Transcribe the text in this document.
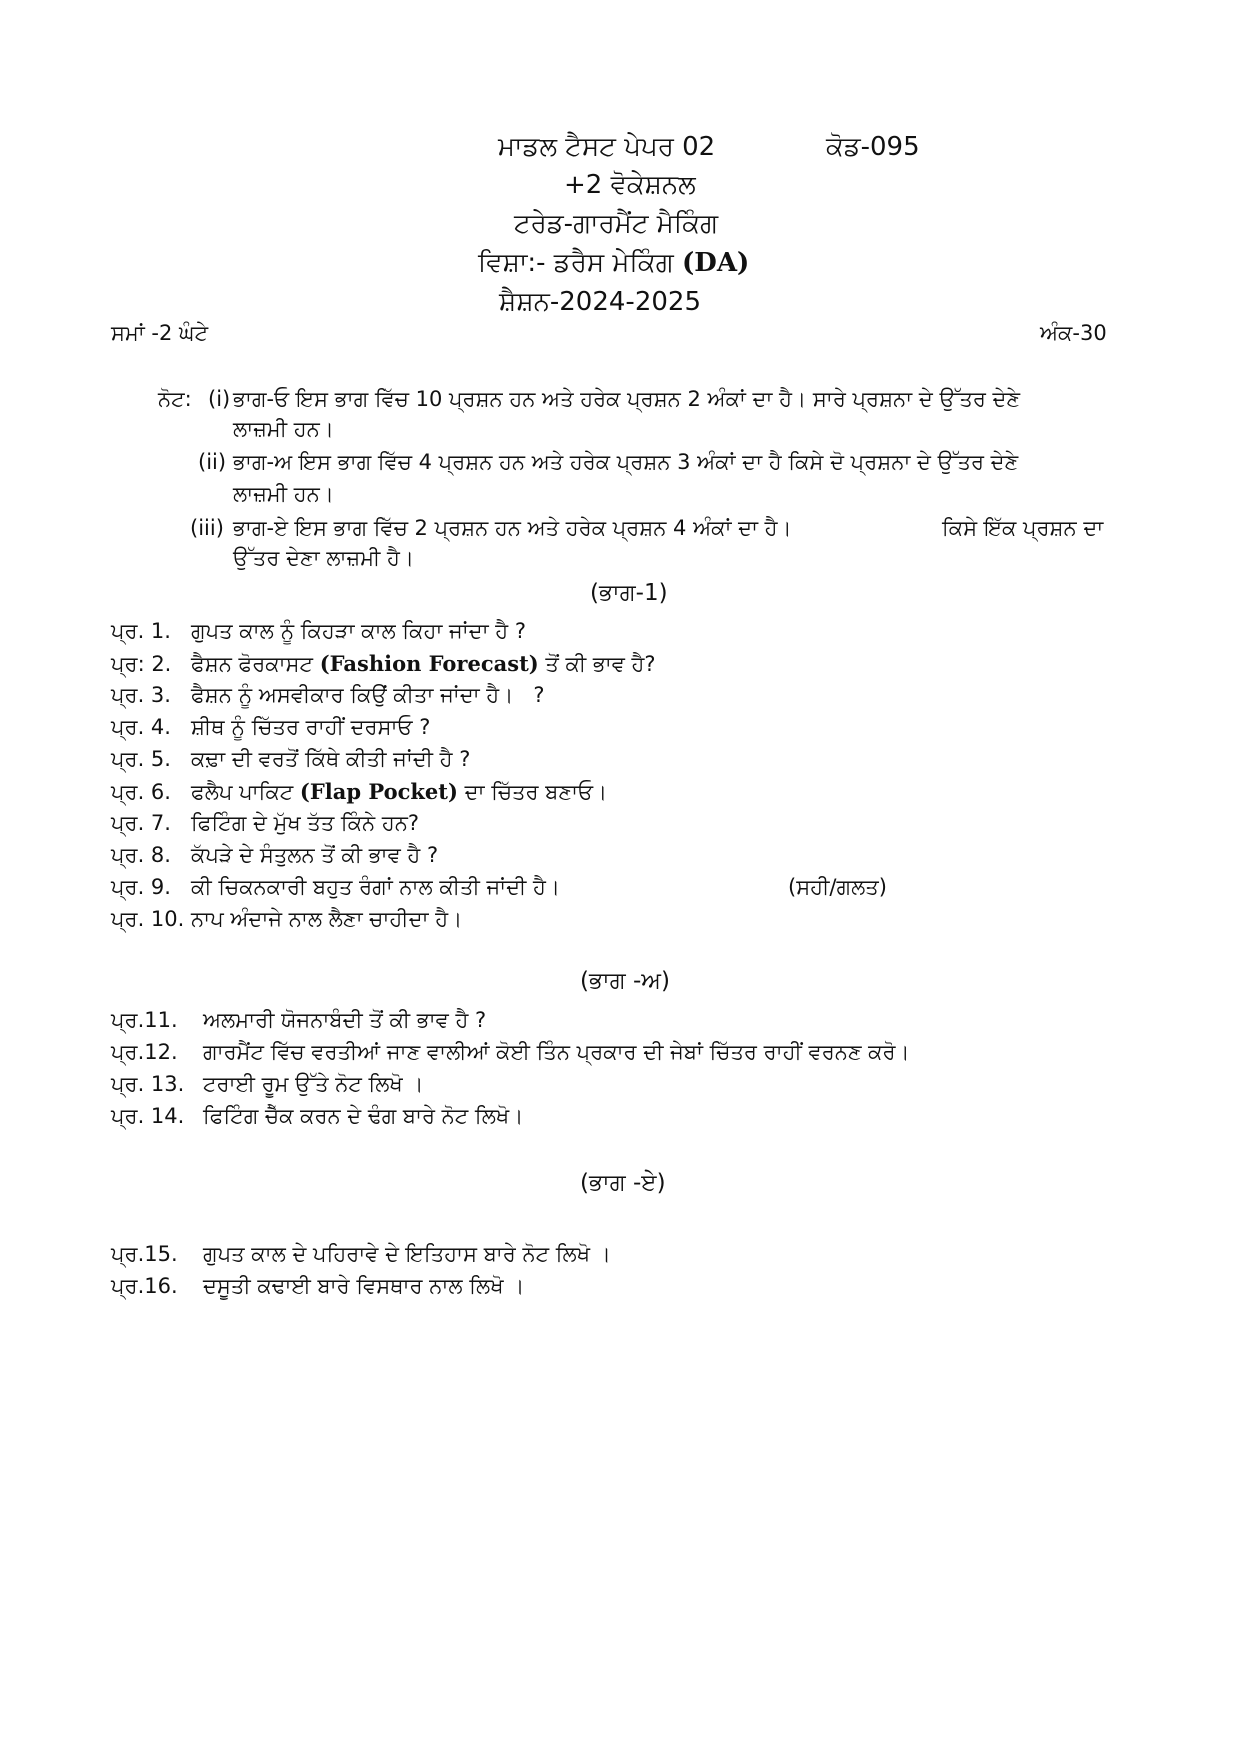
ਮਾਡਲ ਟੈਸਟ ਪੇਪਰ 02	ਕੋਡ-095
+2 ਵੋਕੇਸ਼ਨਲ
ਟਰੇਡ-ਗਾਰਮੈਂਟ ਮੈਕਿੰਗ
ਵਿਸ਼ਾ:- ਡਰੈਸ ਮੇਕਿੰਗ (DA)
ਸ਼ੈਸ਼ਨ-2024-2025
ਸਮਾਂ -2 ਘੰਟੇ	ਅੰਕ-30
ਨੋਟ: (i) ਭਾਗ-ਓ ਇਸ ਭਾਗ ਵਿੱਚ 10 ਪ੍ਰਸ਼ਨ ਹਨ ਅਤੇ ਹਰੇਕ ਪ੍ਰਸ਼ਨ 2 ਅੰਕਾਂ ਦਾ ਹੈ। ਸਾਰੇ ਪ੍ਰਸ਼ਨਾ ਦੇ ਉੱਤਰ ਦੇਣੇ
ਲਾਜ਼ਮੀ ਹਨ।
(ii) ਭਾਗ-ਅ ਇਸ ਭਾਗ ਵਿੱਚ 4 ਪ੍ਰਸ਼ਨ ਹਨ ਅਤੇ ਹਰੇਕ ਪ੍ਰਸ਼ਨ 3 ਅੰਕਾਂ ਦਾ ਹੈ ਕਿਸੇ ਦੋ ਪ੍ਰਸ਼ਨਾ ਦੇ ਉੱਤਰ ਦੇਣੇ
ਲਾਜ਼ਮੀ ਹਨ।
(iii) ਭਾਗ-ਏ ਇਸ ਭਾਗ ਵਿੱਚ 2 ਪ੍ਰਸ਼ਨ ਹਨ ਅਤੇ ਹਰੇਕ ਪ੍ਰਸ਼ਨ 4 ਅੰਕਾਂ ਦਾ ਹੈ।	ਕਿਸੇ ਇੱਕ ਪ੍ਰਸ਼ਨ ਦਾ
ਉੱਤਰ ਦੇਣਾ ਲਾਜ਼ਮੀ ਹੈ।
(ਭਾਗ-1)
ਪ੍ਰ. 1. ਗੁਪਤ ਕਾਲ ਨੂੰ ਕਿਹੜਾ ਕਾਲ ਕਿਹਾ ਜਾਂਦਾ ਹੈ ?
ਪ੍ਰ: 2. ਫੈਸ਼ਨ ਫੋਰਕਾਸਟ (Fashion Forecast) ਤੋਂ ਕੀ ਭਾਵ ਹੈ?
ਪ੍ਰ. 3. ਫੈਸ਼ਨ ਨੂੰ ਅਸਵੀਕਾਰ ਕਿਉਂ ਕੀਤਾ ਜਾਂਦਾ ਹੈ।   ?
ਪ੍ਰ. 4. ਸ਼ੀਥ ਨੂੰ ਚਿੱਤਰ ਰਾਹੀਂ ਦਰਸਾਓ ?
ਪ੍ਰ. 5. ਕਢ਼ਾ ਦੀ ਵਰਤੋਂ ਕਿੱਥੇ ਕੀਤੀ ਜਾਂਦੀ ਹੈ ?
ਪ੍ਰ. 6. ਫਲੈਪ ਪਾਕਿਟ (Flap Pocket) ਦਾ ਚਿੱਤਰ ਬਣਾਓ।
ਪ੍ਰ. 7. ਫਿਟਿੰਗ ਦੇ ਮੁੱਖ ਤੱਤ ਕਿੰਨੇ ਹਨ?
ਪ੍ਰ. 8. ਕੱਪੜੇ ਦੇ ਸੰਤੁਲਨ ਤੋਂ ਕੀ ਭਾਵ ਹੈ ?
ਪ੍ਰ. 9. ਕੀ ਚਿਕਨਕਾਰੀ ਬਹੁਤ ਰੰਗਾਂ ਨਾਲ ਕੀਤੀ ਜਾਂਦੀ ਹੈ।	(ਸਹੀ/ਗਲਤ)
ਪ੍ਰ. 10. ਨਾਪ ਅੰਦਾਜੇ ਨਾਲ ਲੈਣਾ ਚਾਹੀਦਾ ਹੈ।
(ਭਾਗ -ਅ)
ਪ੍ਰ.11. ਅਲਮਾਰੀ ਯੋਜਨਾਬੰਦੀ ਤੋਂ ਕੀ ਭਾਵ ਹੈ ?
ਪ੍ਰ.12. ਗਾਰਮੈਂਟ ਵਿੱਚ ਵਰਤੀਆਂ ਜਾਣ ਵਾਲੀਆਂ ਕੋਈ ਤਿੰਨ ਪ੍ਰਕਾਰ ਦੀ ਜੇਬਾਂ ਚਿੱਤਰ ਰਾਹੀਂ ਵਰਨਣ ਕਰੋ।
ਪ੍ਰ. 13. ਟਰਾਈ ਰੂਮ ਉੱਤੇ ਨੋਟ ਲਿਖੋ ।
ਪ੍ਰ. 14. ਫਿਟਿੰਗ ਚੈੱਕ ਕਰਨ ਦੇ ਢੰਗ ਬਾਰੇ ਨੋਟ ਲਿਖੋ।
(ਭਾਗ -ਏ)
ਪ੍ਰ.15. ਗੁਪਤ ਕਾਲ ਦੇ ਪਹਿਰਾਵੇ ਦੇ ਇਤਿਹਾਸ ਬਾਰੇ ਨੋਟ ਲਿਖੋ ।
ਪ੍ਰ.16. ਦਸੂਤੀ ਕਢਾਈ ਬਾਰੇ ਵਿਸਥਾਰ ਨਾਲ ਲਿਖੋ ।
